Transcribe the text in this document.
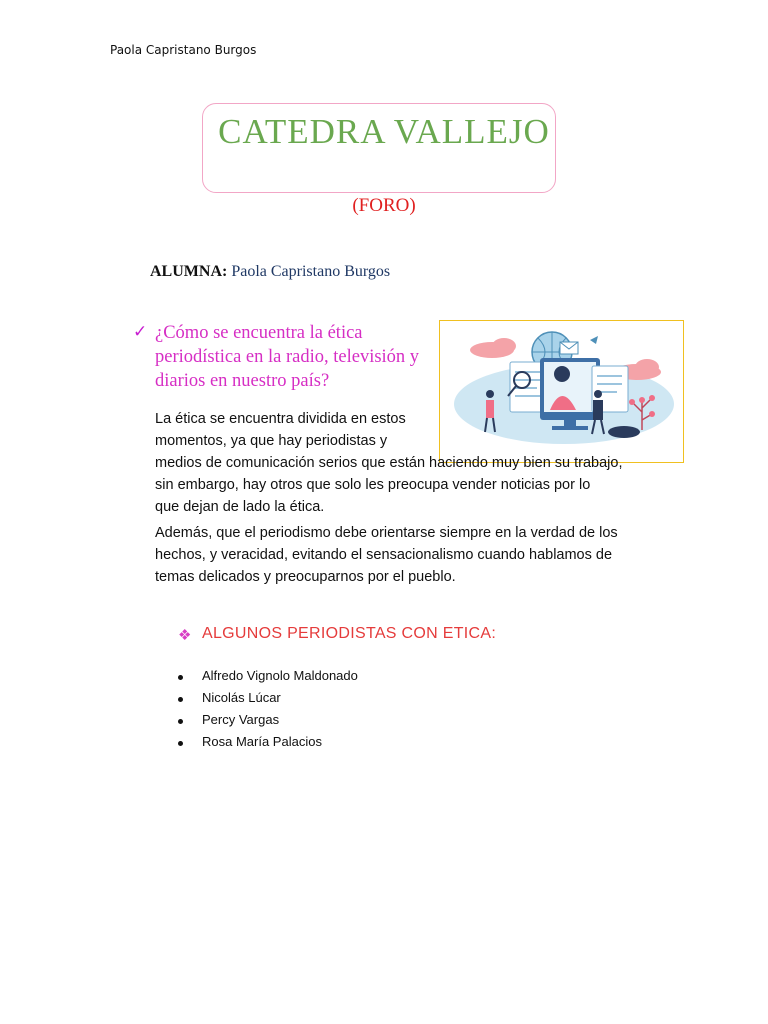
Paola Capristano Burgos
CATEDRA VALLEJO
(FORO)
ALUMNA: Paola Capristano Burgos
✓ ¿Cómo se encuentra la ética periodística en la radio, televisión y diarios en nuestro país?
La ética se encuentra dividida en estos
momentos, ya que hay periodistas y
medios de comunicación serios que están haciendo muy bien su trabajo,
sin embargo, hay otros que solo les preocupa vender noticias por lo
que dejan de lado la ética.
Además, que el periodismo debe orientarse siempre en la verdad de los
hechos, y veracidad, evitando el sensacionalismo cuando hablamos de
temas delicados y preocuparnos por el pueblo.
❖ ALGUNOS PERIODISTAS CON ETICA:
Alfredo Vignolo Maldonado
Nicolás Lúcar
Percy Vargas
Rosa María Palacios
